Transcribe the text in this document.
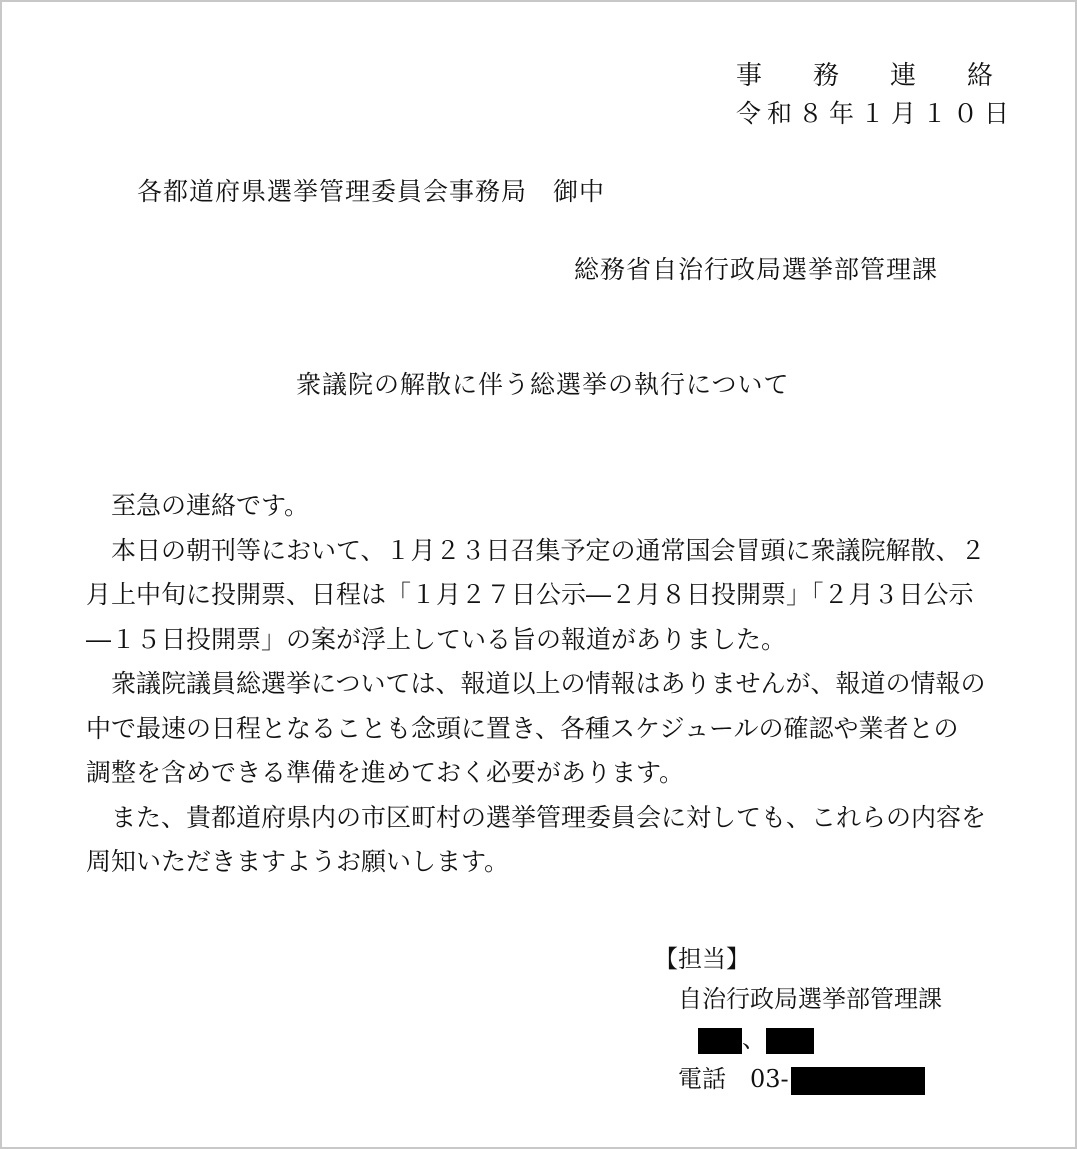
事 務 連 絡
令和８年１月１０日
各都道府県選挙管理委員会事務局　御中
総務省自治行政局選挙部管理課
衆議院の解散に伴う総選挙の執行について
　至急の連絡です。
　本日の朝刊等において、１月２３日召集予定の通常国会冒頭に衆議院解散、２
月上中旬に投開票、日程は「１月２７日公示―２月８日投開票」「２月３日公示
―１５日投開票」の案が浮上している旨の報道がありました。
　衆議院議員総選挙については、報道以上の情報はありませんが、報道の情報の
中で最速の日程となることも念頭に置き、各種スケジュールの確認や業者との
調整を含めできる準備を進めておく必要があります。
　また、貴都道府県内の市区町村の選挙管理委員会に対しても、これらの内容を
周知いただきますようお願いします。
【担当】
　自治行政局選挙部管理課
、
　電話　03-
